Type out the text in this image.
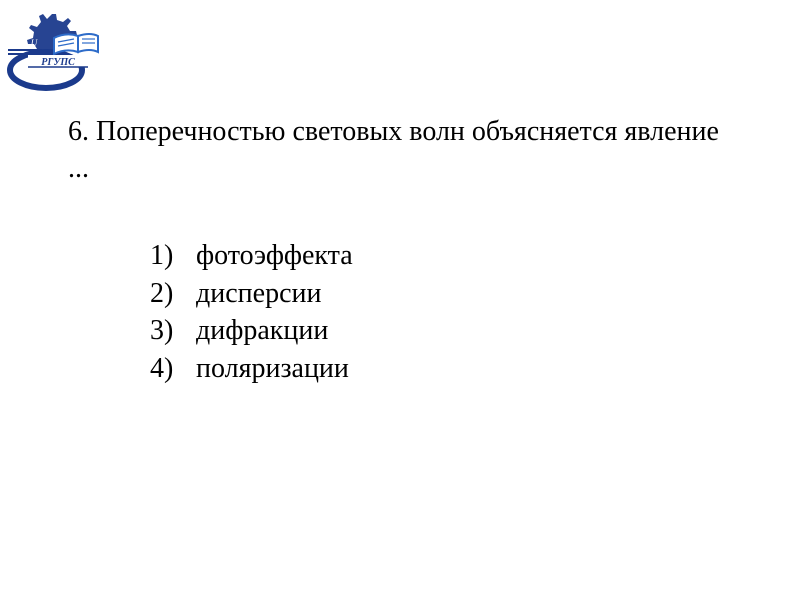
РГУПС
U

6. Поперечностью световых волн объясняется явление ...

1) фотоэффекта
2) дисперсии
3) дифракции
4) поляризации
